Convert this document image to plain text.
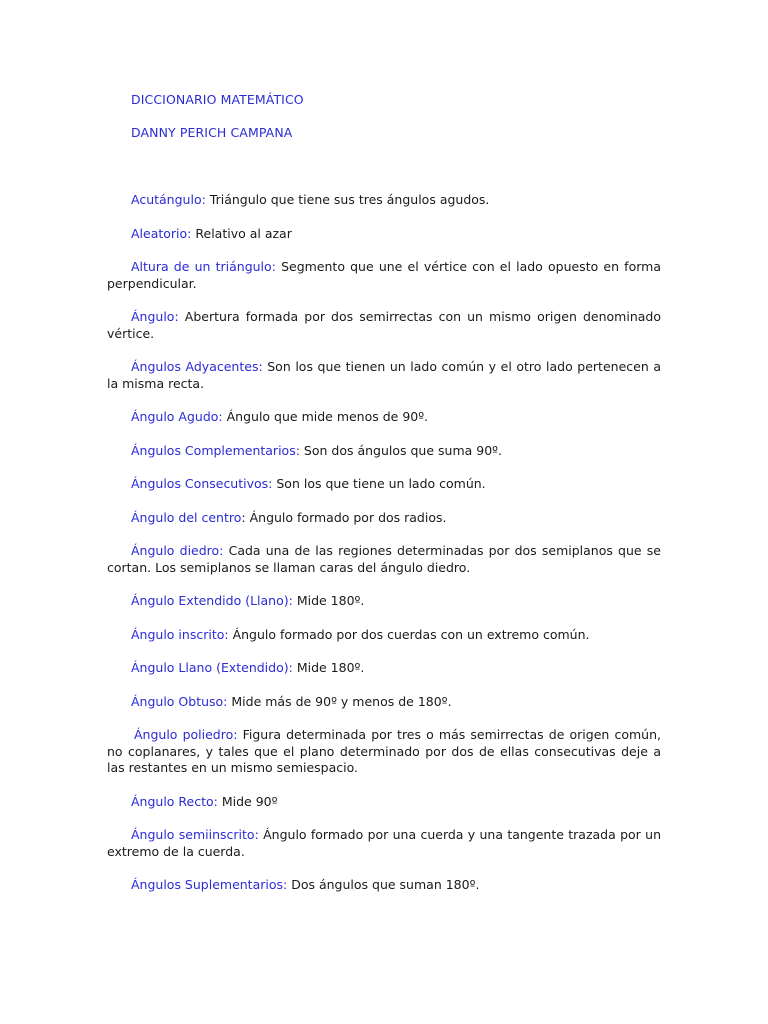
DICCIONARIO MATEMÁTICO
DANNY PERICH CAMPANA

Acutángulo: Triángulo que tiene sus tres ángulos agudos.

Aleatorio: Relativo al azar

Altura de un triángulo: Segmento que une el vértice con el lado opuesto en forma perpendicular.

Ángulo: Abertura formada por dos semirrectas con un mismo origen denominado vértice.

Ángulos Adyacentes: Son los que tienen un lado común y el otro lado pertenecen a la misma recta.

Ángulo Agudo: Ángulo que mide menos de 90º.

Ángulos Complementarios: Son dos ángulos que suma 90º.

Ángulos Consecutivos: Son los que tiene un lado común.

Ángulo del centro: Ángulo formado por dos radios.

Ángulo diedro: Cada una de las regiones determinadas por dos semiplanos que se cortan. Los semiplanos se llaman caras del ángulo diedro.

Ángulo Extendido (Llano): Mide 180º.

Ángulo inscrito: Ángulo formado por dos cuerdas con un extremo común.

Ángulo Llano (Extendido): Mide 180º.

Ángulo Obtuso: Mide más de 90º y menos de 180º.

Ángulo poliedro: Figura determinada por tres o más semirrectas de origen común, no coplanares, y tales que el plano determinado por dos de ellas consecutivas deje a las restantes en un mismo semiespacio.

Ángulo Recto: Mide 90º

Ángulo semiinscrito: Ángulo formado por una cuerda y una tangente trazada por un extremo de la cuerda.

Ángulos Suplementarios: Dos ángulos que suman 180º.
